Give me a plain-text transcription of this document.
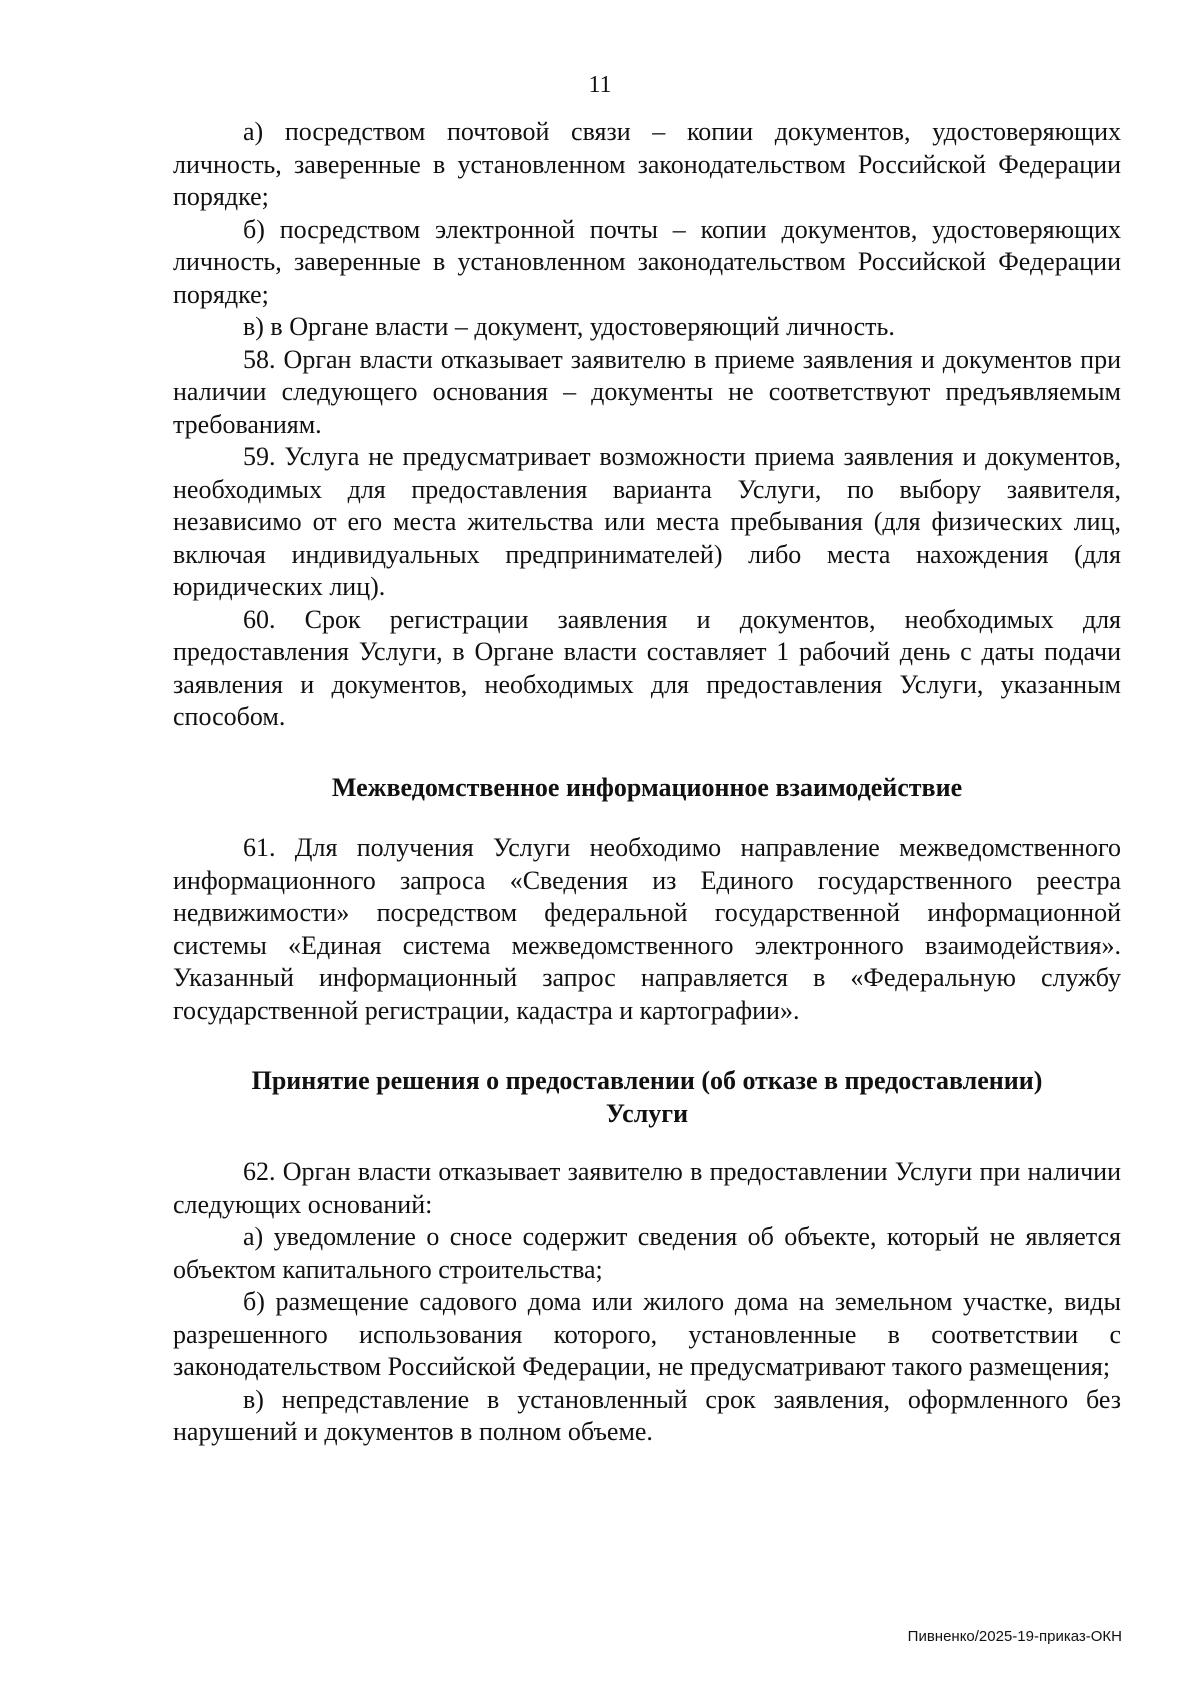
11

а) посредством почтовой связи – копии документов, удостоверяющих личность, заверенные в установленном законодательством Российской Федерации порядке;

б) посредством электронной почты – копии документов, удостоверяющих личность, заверенные в установленном законодательством Российской Федерации порядке;

в) в Органе власти – документ, удостоверяющий личность.

58. Орган власти отказывает заявителю в приеме заявления и документов при наличии следующего основания – документы не соответствуют предъявляемым требованиям.

59. Услуга не предусматривает возможности приема заявления и документов, необходимых для предоставления варианта Услуги, по выбору заявителя, независимо от его места жительства или места пребывания (для физических лиц, включая индивидуальных предпринимателей) либо места нахождения (для юридических лиц).

60. Срок регистрации заявления и документов, необходимых для предоставления Услуги, в Органе власти составляет 1 рабочий день с даты подачи заявления и документов, необходимых для предоставления Услуги, указанным способом.

Межведомственное информационное взаимодействие

61. Для получения Услуги необходимо направление межведомственного информационного запроса «Сведения из Единого государственного реестра недвижимости» посредством федеральной государственной информационной системы «Единая система межведомственного электронного взаимодействия». Указанный информационный запрос направляется в «Федеральную службу государственной регистрации, кадастра и картографии».

Принятие решения о предоставлении (об отказе в предоставлении)
Услуги

62. Орган власти отказывает заявителю в предоставлении Услуги при наличии следующих оснований:

а) уведомление о сносе содержит сведения об объекте, который не является объектом капитального строительства;

б) размещение садового дома или жилого дома на земельном участке, виды разрешенного использования которого, установленные в соответствии с законодательством Российской Федерации, не предусматривают такого размещения;

в) непредставление в установленный срок заявления, оформленного без нарушений и документов в полном объеме.

Пивненко/2025-19-приказ-ОКН
